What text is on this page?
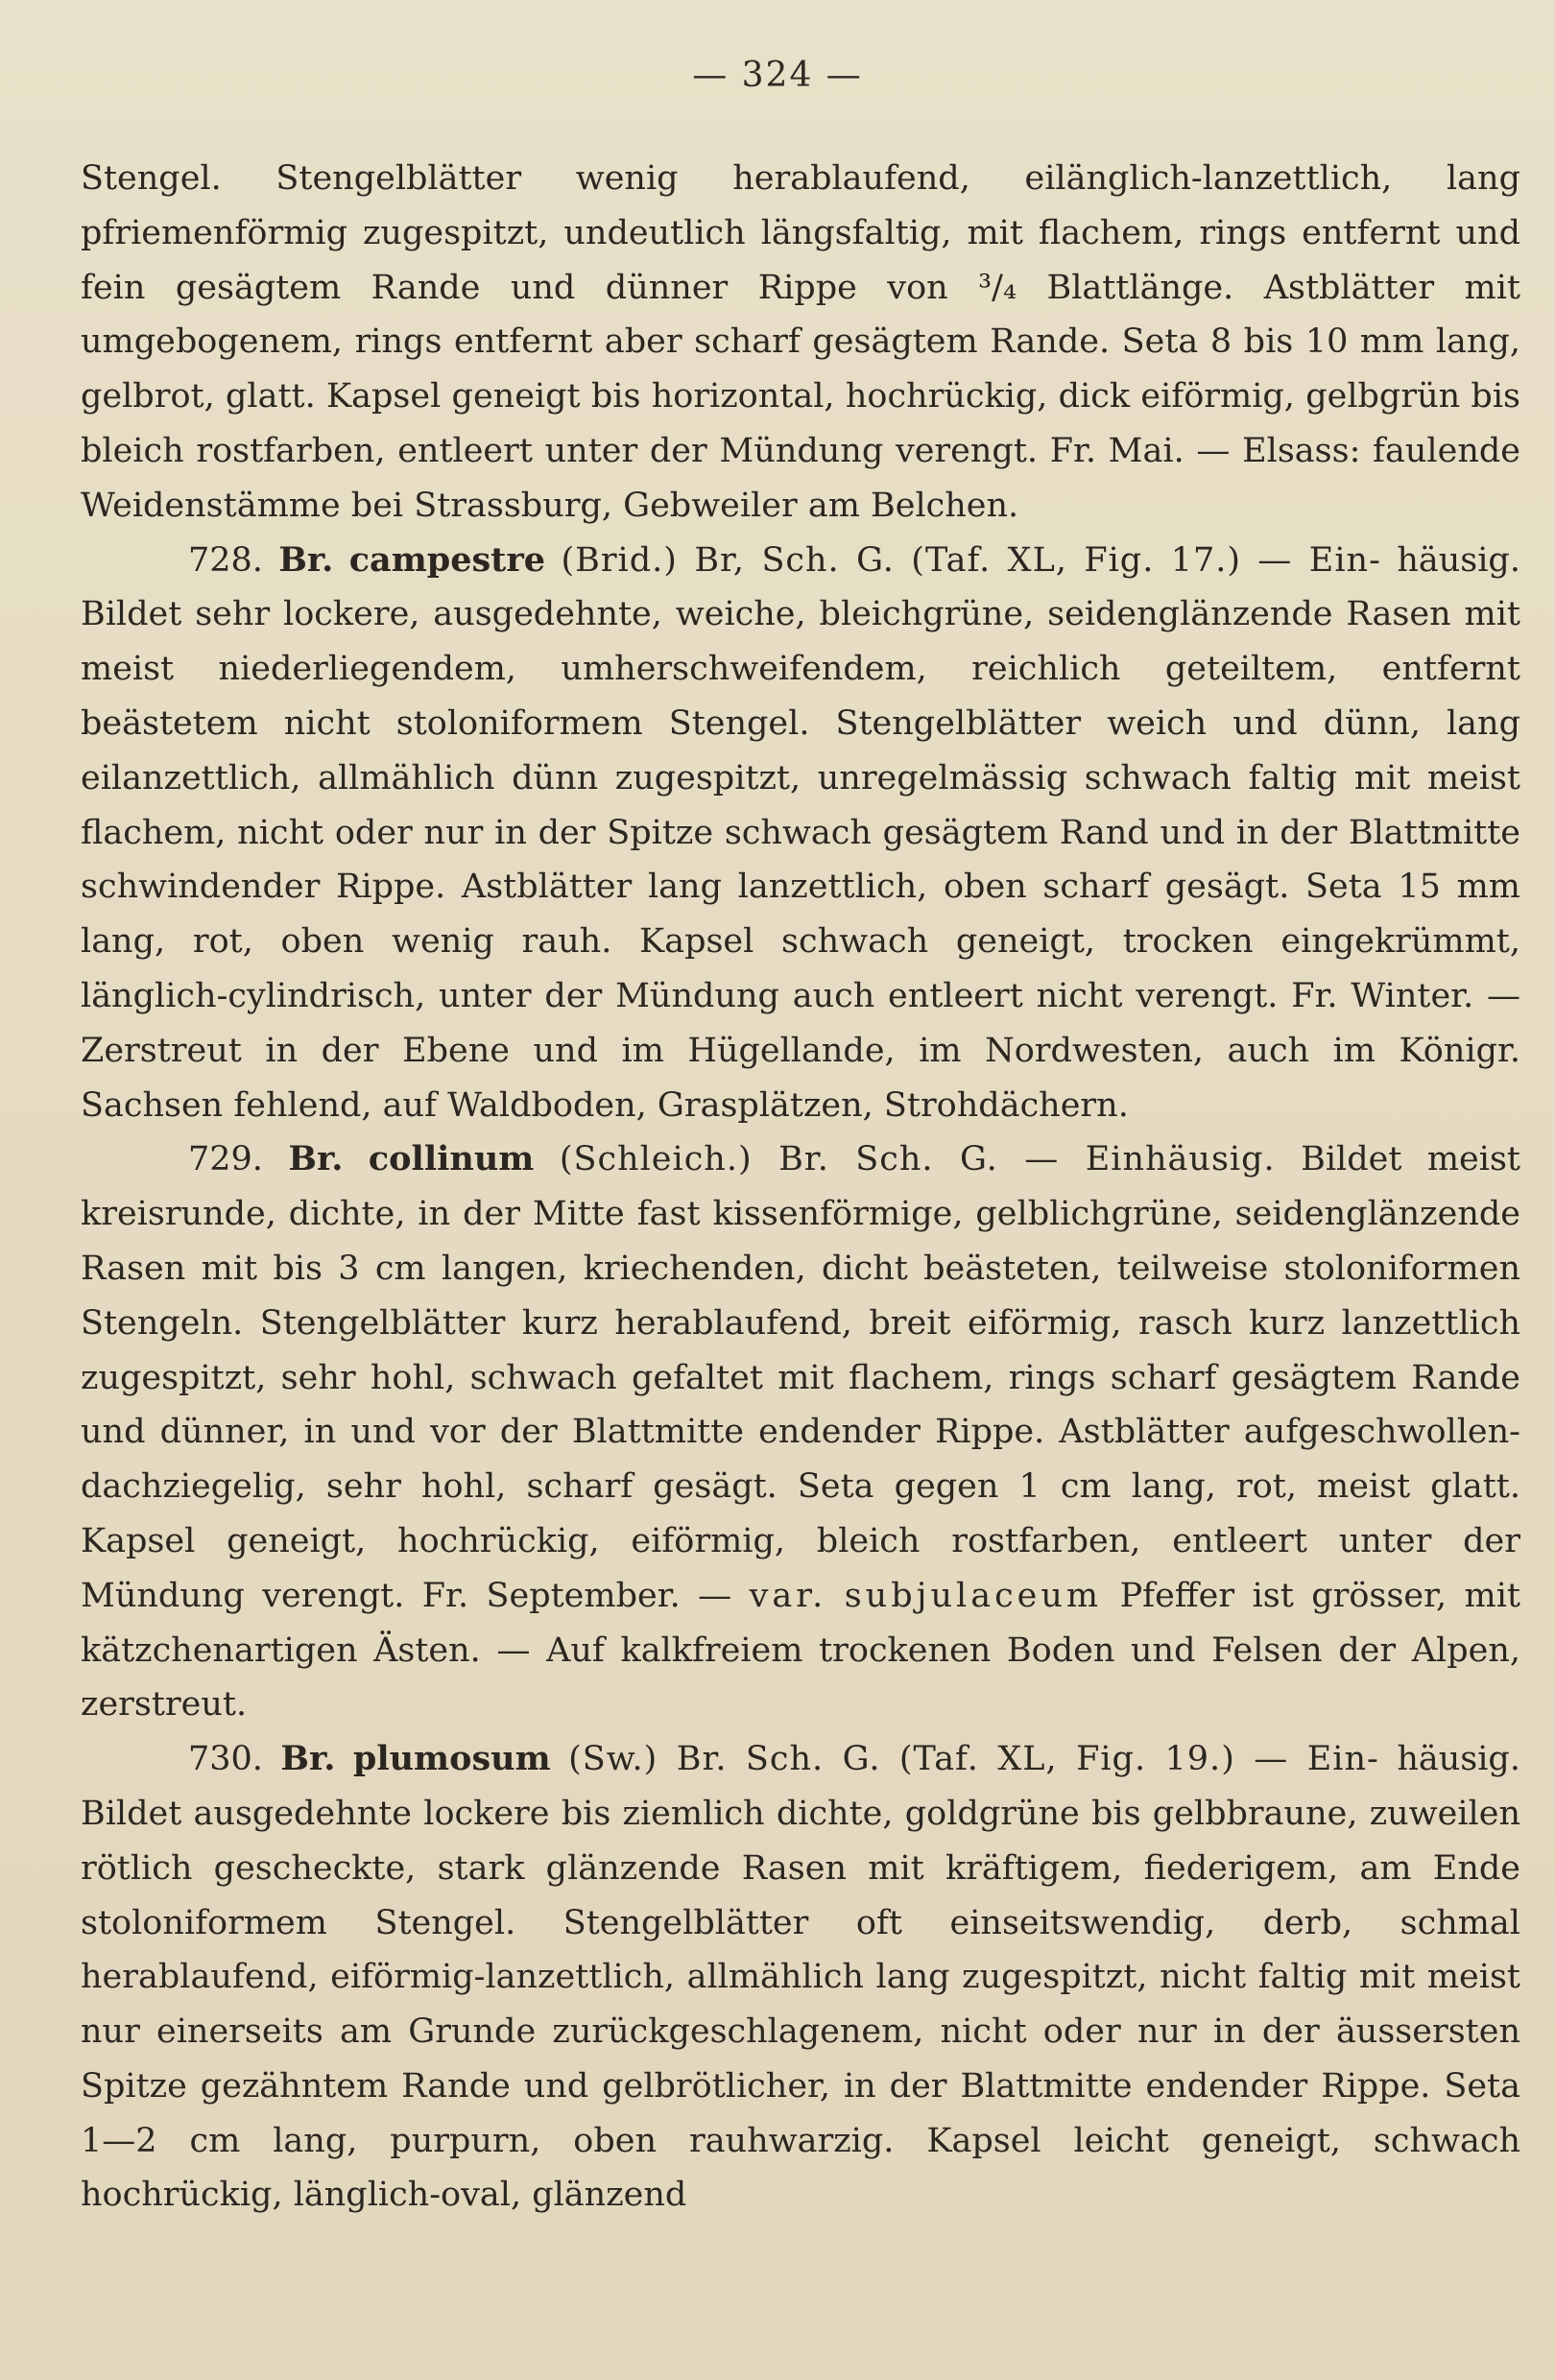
— 324 —

Stengel. Stengelblätter wenig herablaufend, eilänglich-lanzettlich, lang pfriemenförmig zugespitzt, undeutlich längsfaltig, mit flachem, rings entfernt und fein gesägtem Rande und dünner Rippe von ³/₄ Blattlänge. Astblätter mit umgebogenem, rings entfernt aber scharf gesägtem Rande. Seta 8 bis 10 mm lang, gelbrot, glatt. Kapsel geneigt bis horizontal, hochrückig, dick eiförmig, gelbgrün bis bleich rostfarben, entleert unter der Mündung verengt. Fr. Mai. — Elsass: faulende Weidenstämme bei Strassburg, Gebweiler am Belchen.

728. Br. campestre (Brid.) Br, Sch. G. (Taf. XL, Fig. 17.) — Ein- häusig. Bildet sehr lockere, ausgedehnte, weiche, bleichgrüne, seidenglänzende Rasen mit meist niederliegendem, umherschweifendem, reichlich geteiltem, entfernt beästetem nicht stoloniformem Stengel. Stengelblätter weich und dünn, lang eilanzettlich, allmählich dünn zugespitzt, unregelmässig schwach faltig mit meist flachem, nicht oder nur in der Spitze schwach gesägtem Rand und in der Blattmitte schwindender Rippe. Astblätter lang lanzettlich, oben scharf gesägt. Seta 15 mm lang, rot, oben wenig rauh. Kapsel schwach geneigt, trocken eingekrümmt, länglich-cylindrisch, unter der Mündung auch entleert nicht verengt. Fr. Winter. — Zerstreut in der Ebene und im Hügellande, im Nordwesten, auch im Königr. Sachsen fehlend, auf Waldboden, Grasplätzen, Strohdächern.

729. Br. collinum (Schleich.) Br. Sch. G. — Einhäusig. Bildet meist kreisrunde, dichte, in der Mitte fast kissenförmige, gelblichgrüne, seidenglänzende Rasen mit bis 3 cm langen, kriechenden, dicht beästeten, teilweise stoloniformen Stengeln. Stengelblätter kurz herablaufend, breit eiförmig, rasch kurz lanzettlich zugespitzt, sehr hohl, schwach gefaltet mit flachem, rings scharf gesägtem Rande und dünner, in und vor der Blattmitte endender Rippe. Astblätter aufgeschwollen-dachziegelig, sehr hohl, scharf gesägt. Seta gegen 1 cm lang, rot, meist glatt. Kapsel geneigt, hochrückig, eiförmig, bleich rostfarben, entleert unter der Mündung verengt. Fr. September. — var. subjulaceum Pfeffer ist grösser, mit kätzchenartigen Ästen. — Auf kalkfreiem trockenen Boden und Felsen der Alpen, zerstreut.

730. Br. plumosum (Sw.) Br. Sch. G. (Taf. XL, Fig. 19.) — Ein- häusig. Bildet ausgedehnte lockere bis ziemlich dichte, goldgrüne bis gelbbraune, zuweilen rötlich gescheckte, stark glänzende Rasen mit kräftigem, fiederigem, am Ende stoloniformem Stengel. Stengelblätter oft einseitswendig, derb, schmal herablaufend, eiförmig-lanzettlich, allmählich lang zugespitzt, nicht faltig mit meist nur einerseits am Grunde zurückgeschlagenem, nicht oder nur in der äussersten Spitze gezähntem Rande und gelbrötlicher, in der Blattmitte endender Rippe. Seta 1—2 cm lang, purpurn, oben rauhwarzig. Kapsel leicht geneigt, schwach hochrückig, länglich-oval, glänzend
